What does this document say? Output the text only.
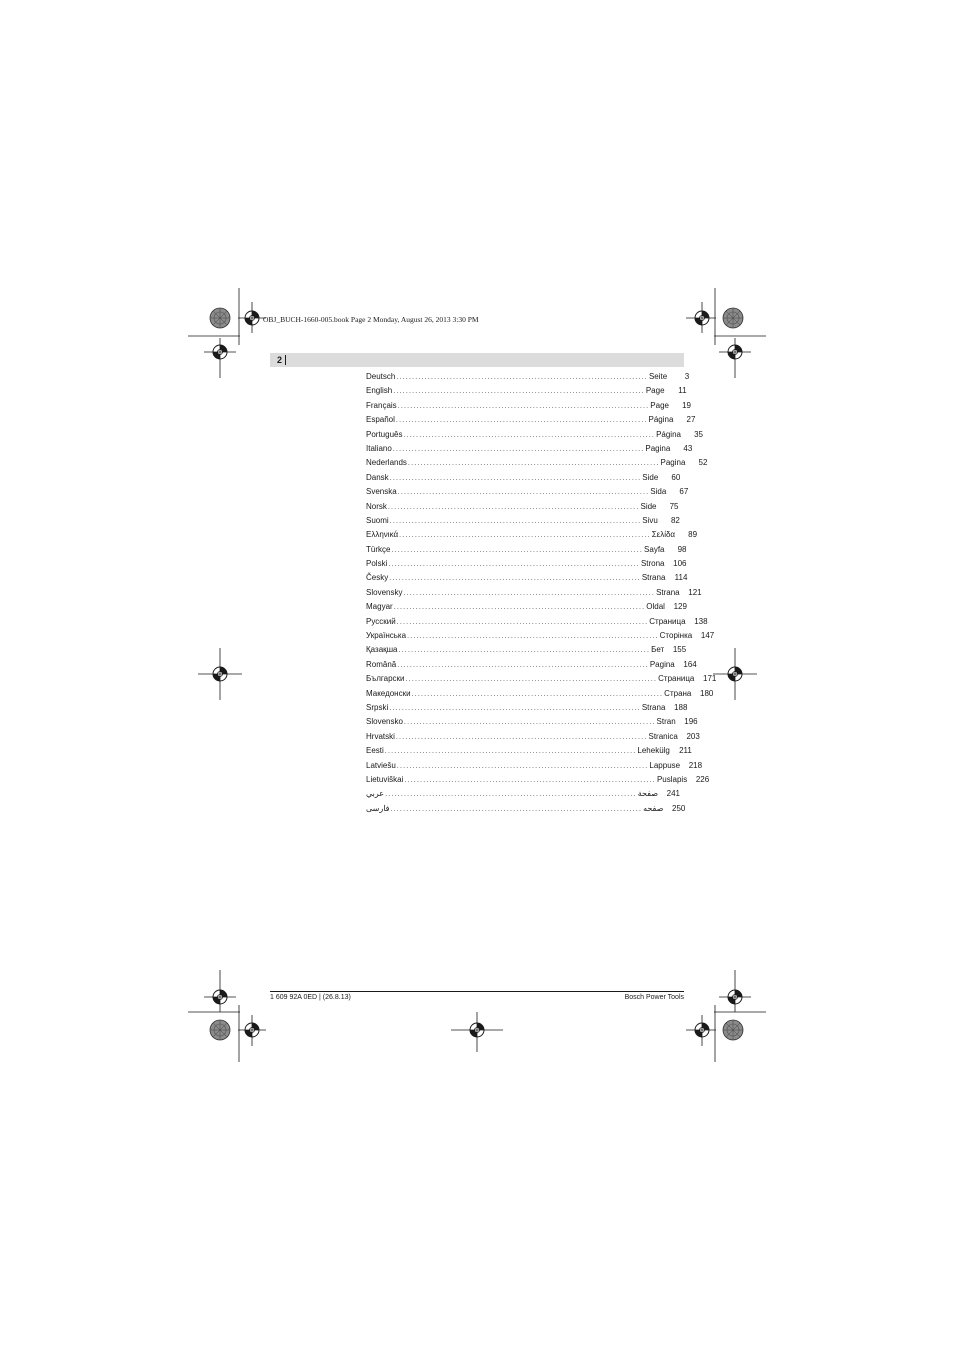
OBJ_BUCH-1660-005.book Page 2 Monday, August 26, 2013 3:30 PM
2
Deutsch ................................................................................ Seite	3
English ................................................................................ Page	11
Français ................................................................................ Page	19
Español ................................................................................ Página	27
Português ................................................................................ Página	35
Italiano ................................................................................ Pagina	43
Nederlands ................................................................................ Pagina	52
Dansk ................................................................................ Side	60
Svenska ................................................................................ Sida	67
Norsk ................................................................................ Side	75
Suomi ................................................................................ Sivu	82
Ελληνικά ................................................................................ Σελίδα	89
Türkçe ................................................................................ Sayfa	98
Polski ................................................................................ Strona	106
Česky ................................................................................ Strana	114
Slovensky ................................................................................ Strana	121
Magyar ................................................................................ Oldal	129
Русский ................................................................................ Страница	138
Українська ................................................................................ Сторінка	147
Қазақша ................................................................................ Бет	155
Română ................................................................................ Pagina	164
Български ................................................................................ Страница	171
Македонски ................................................................................ Страна	180
Srpski ................................................................................ Strana	188
Slovensko ................................................................................ Stran	196
Hrvatski ................................................................................ Stranica	203
Eesti ................................................................................ Lehekülg	211
Latviešu ................................................................................ Lappuse	218
Lietuviškai ................................................................................ Puslapis	226
عربي ................................................................................ صفحة	241
فارسی ................................................................................ صفحه	250
1 609 92A 0ED | (26.8.13)	Bosch Power Tools
